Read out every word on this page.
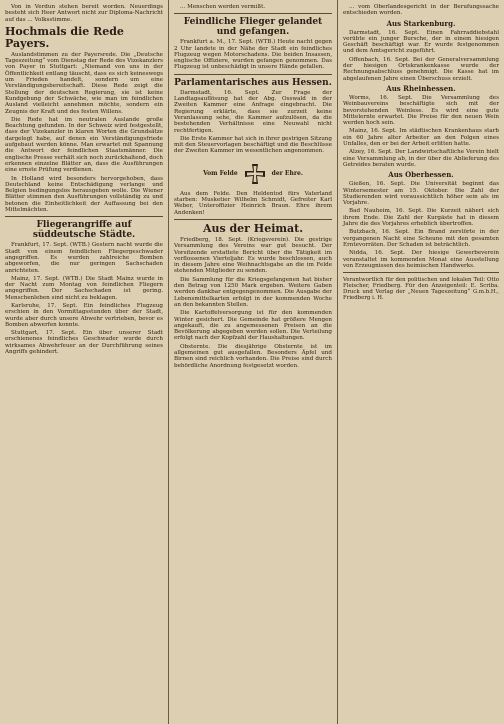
Von in Verdun stehen bereit worden. Neuerdings besteht sich Heer Antwort nicht zur Diploma-Nachricht auf das ... Volksstimme.

Hochmals die Rede Payers.

Auslandstimmen zu der Payersrede. Die „Deutsche Tageszeitung“ vom Dienstag der Rede des Vizekanzlers von Payer in Stuttgart: „Niemand von uns in der Öffentlichkeit entlang täuscht, dass es sich keineswegs um Frieden handelt, sondern um eine Verständigungsbereitschaft. Diese Rede zeigt die Stellung der deutschen Regierung, sie ist keine Kundgebung der Schwäche, wie man im feindlichen Ausland vielleicht annehmen möchte, sondern ein Zeugnis der Kraft und des festen Willens.

Die Rede hat im neutralen Auslande große Beachtung gefunden. In der Schweiz wird festgestellt, dass der Vizekanzler in klaren Worten die Grundsätze dargelegt habe, auf denen ein Verständigungsfriede aufgebaut werden könne. Man erwartet mit Spannung die Antwort der feindlichen Staatsmänner. Die englische Presse verhält sich noch zurückhaltend, doch erkennen einzelne Blätter an, dass die Ausführungen eine ernste Prüfung verdienen.

In Holland wird besonders hervorgehoben, dass Deutschland keine Entschädigung verlange und Belgien bedingungslos herausgeben wolle. Die Wiener Blätter stimmen den Ausführungen vollständig zu und betonen die Einheitlichkeit der Auffassung bei den Mittelmächten.

Fliegerangriffe auf süddeutsche Städte.

Frankfurt, 17. Sept. (WTB.) Gestern nacht wurde die Stadt von einem feindlichen Fliegergeschwader angegriffen. Es wurden zahlreiche Bomben abgeworfen, die nur geringen Sachschaden anrichteten.

Mainz, 17. Sept. (WTB.) Die Stadt Mainz wurde in der Nacht zum Montag von feindlichen Fliegern angegriffen. Der Sachschaden ist gering. Menschenleben sind nicht zu beklagen.

Karlsruhe, 17. Sept. Ein feindliches Flugzeug erschien in den Vormittagsstunden über der Stadt, wurde aber durch unsere Abwehr vertrieben, bevor es Bomben abwerfen konnte.

Stuttgart, 17. Sept. Ein über unserer Stadt erschienenes feindliches Geschwader wurde durch wirksames Abwehrfeuer an der Durchführung seines Angriffs gehindert.

... Menschen werden vermißt.

Feindliche Flieger gelandet und gefangen.

Frankfurt a. M., 17. Sept. (WTB.) Heute nacht gegen 2 Uhr landete in der Nähe der Stadt ein feindliches Flugzeug wegen Motorschadens. Die beiden Insassen, englische Offiziere, wurden gefangen genommen. Das Flugzeug ist unbeschädigt in unsere Hände gefallen.

Parlamentarisches aus Hessen.

Darmstadt, 16. Sept. Zur Frage der Landtagsauflösung hat der Abg. Osswald in der Zweiten Kammer eine Anfrage eingebracht. Die Regierung erklärte, dass sie zurzeit keine Veranlassung sehe, die Kammer aufzulösen, da die bestehenden Verhältnisse eine Neuwahl nicht rechtfertigen.

Die Erste Kammer hat sich in ihrer gestrigen Sitzung mit den Steuervorlagen beschäftigt und die Beschlüsse der Zweiten Kammer im wesentlichen angenommen.

Vom Felde	der Ehre.

Aus dem Felde. Den Heldentod fürs Vaterland starben: Musketier Wilhelm Schmidt, Gefreiter Karl Weber, Unteroffizier Heinrich Braun. Ehre ihrem Andenken!

Aus der Heimat.

Friedberg, 18. Sept. (Kriegsverein). Die gestrige Versammlung des Vereins war gut besucht. Der Vorsitzende erstattete Bericht über die Tätigkeit im verflossenen Vierteljahr. Es wurde beschlossen, auch in diesem Jahre eine Weihnachtsgabe an die im Felde stehenden Mitglieder zu senden.

Die Sammlung für die Kriegsgefangenen hat bisher den Betrag von 1250 Mark ergeben. Weitere Gaben werden dankbar entgegengenommen. Die Ausgabe der Lebensmittelkarten erfolgt in der kommenden Woche an den bekannten Stellen.

Die Kartoffelversorgung ist für den kommenden Winter gesichert. Die Gemeinde hat größere Mengen angekauft, die zu angemessenen Preisen an die Bevölkerung abgegeben werden sollen. Die Verteilung erfolgt nach der Kopfzahl der Haushaltungen.

Obsternte. Die diesjährige Obsternte ist im allgemeinen gut ausgefallen. Besonders Äpfel und Birnen sind reichlich vorhanden. Die Preise sind durch behördliche Anordnung festgesetzt worden.

... vom Oberlandesgericht in der Berufungssache entschieden worden.

Aus Starkenburg.

Darmstadt, 16. Sept. Einen Fahrraddiebstahl verübte ein junger Bursche, der in einem hiesigen Geschäft beschäftigt war. Er wurde festgenommen und dem Amtsgericht zugeführt.

Offenbach, 16. Sept. Bei der Generalversammlung der hiesigen Ortskrankenkasse wurde der Rechnungsabschluss genehmigt. Die Kasse hat im abgelaufenen Jahre einen Überschuss erzielt.

Aus Rheinhessen.

Worms, 16. Sept. Die Versammlung des Weinbauvereins beschäftigte sich mit der bevorstehenden Weinlese. Es wird eine gute Mittelernte erwartet. Die Preise für den neuen Wein werden hoch sein.

Mainz, 16. Sept. Im städtischen Krankenhaus starb ein 60 Jahre alter Arbeiter an den Folgen eines Unfalles, den er bei der Arbeit erlitten hatte.

Alzey, 16. Sept. Der Landwirtschaftliche Verein hielt eine Versammlung ab, in der über die Ablieferung des Getreides beraten wurde.

Aus Oberhessen.

Gießen, 16. Sept. Die Universität beginnt das Wintersemester am 15. Oktober. Die Zahl der Studierenden wird voraussichtlich höher sein als im Vorjahre.

Bad Nauheim, 16. Sept. Die Kurzeit nähert sich ihrem Ende. Die Zahl der Kurgäste hat in diesem Jahre die des Vorjahres erheblich übertroffen.

Butzbach, 16. Sept. Ein Brand zerstörte in der vergangenen Nacht eine Scheune mit den gesamten Erntevorräten. Der Schaden ist beträchtlich.

Nidda, 16. Sept. Der hiesige Gewerbeverein veranstaltet im kommenden Monat eine Ausstellung von Erzeugnissen des heimischen Handwerks.

Verantwortlich für den politischen und lokalen Teil: Otto Fleischer, Friedberg. Für den Anzeigenteil: E. Scriba. Druck und Verlag der „Neuen Tageszeitung“ G.m.b.H., Friedberg i. H.
